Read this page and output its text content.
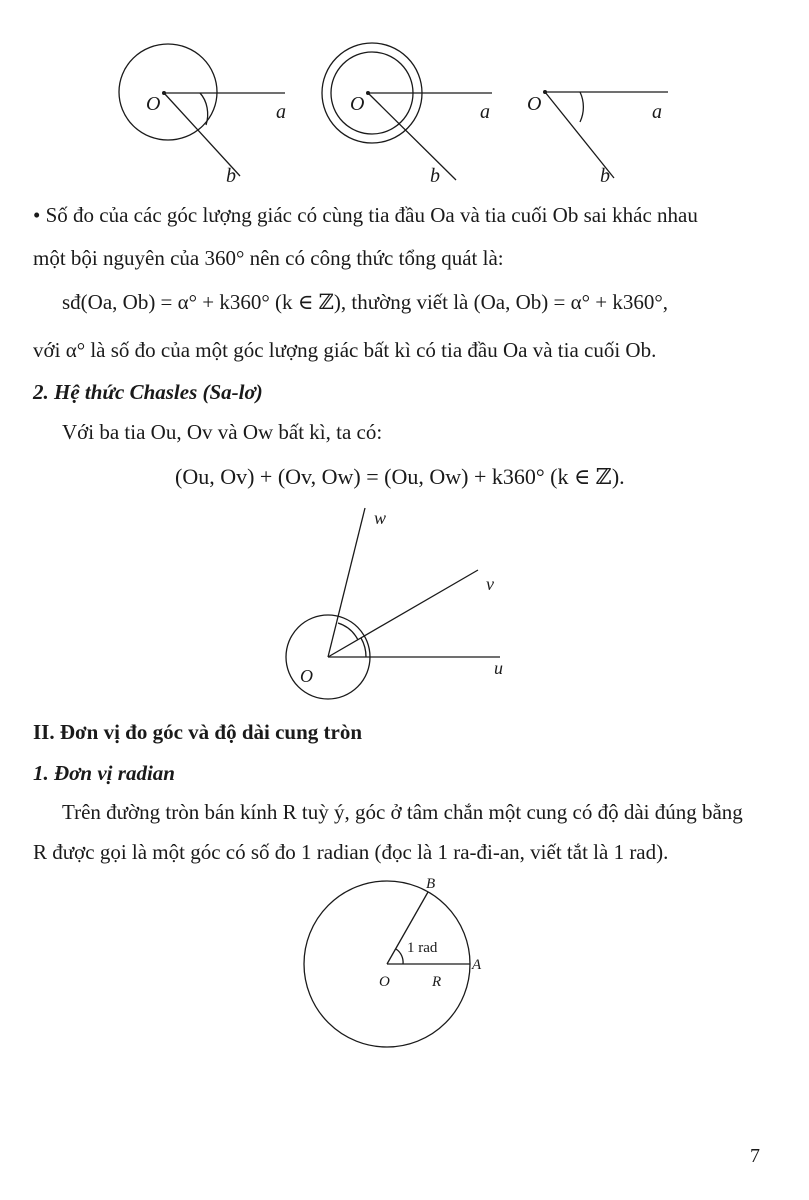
O	a
b
O	a
b
O	a
b
O	u
v
w
O	R
A
B
1 rad
• Số đo của các góc lượng giác có cùng tia đầu Oa và tia cuối Ob sai khác nhau
một bội nguyên của 360° nên có công thức tổng quát là:
sđ(Oa, Ob) = α° + k360° (k ∈ ℤ), thường viết là (Oa, Ob) = α° + k360°,
với α° là số đo của một góc lượng giác bất kì có tia đầu Oa và tia cuối Ob.
2. Hệ thức Chasles (Sa-lơ)
Với ba tia Ou, Ov và Ow bất kì, ta có:
(Ou, Ov) + (Ov, Ow) = (Ou, Ow) + k360° (k ∈ ℤ).
II. Đơn vị đo góc và độ dài cung tròn
1. Đơn vị radian
Trên đường tròn bán kính R tuỳ ý, góc ở tâm chắn một cung có độ dài đúng bằng
R được gọi là một góc có số đo 1 radian (đọc là 1 ra-đi-an, viết tắt là 1 rad).
7
